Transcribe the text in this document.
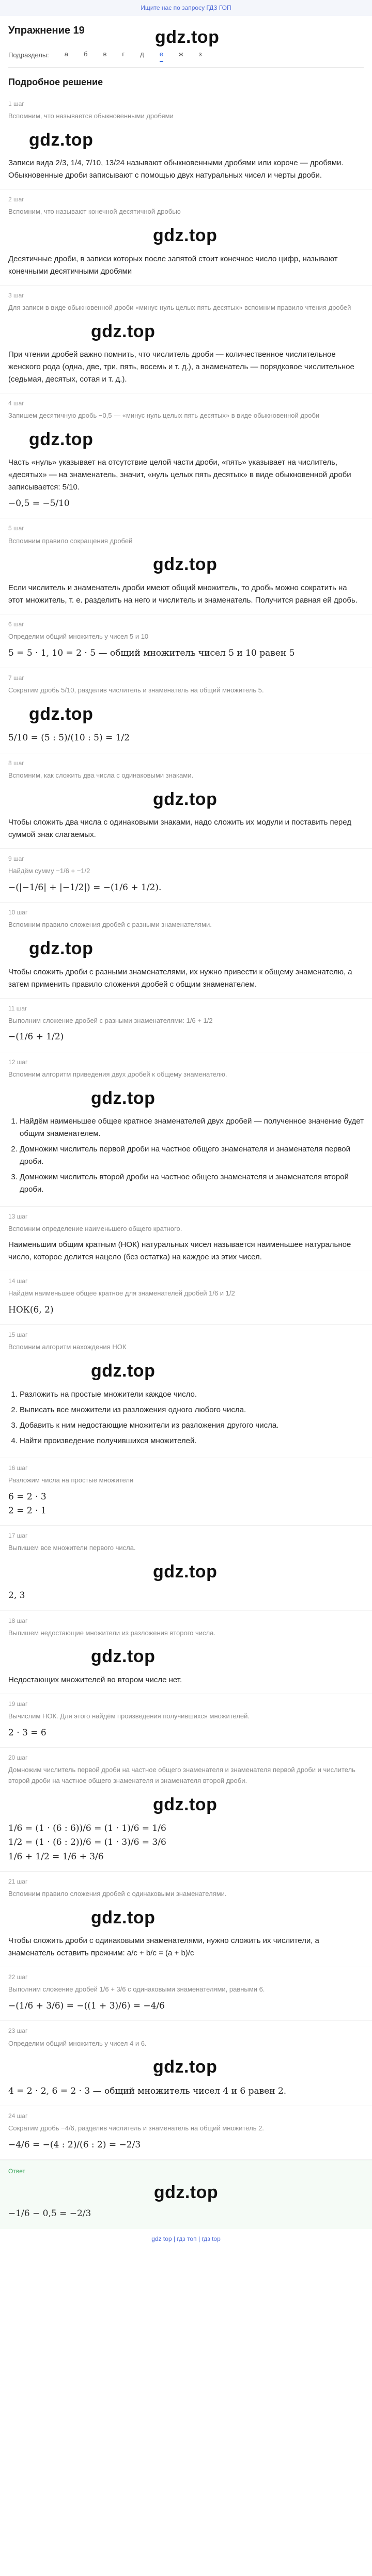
Ищите нас по запросу ГДЗ ГОП
Упражнение 19	gdz.top
Подразделы: а б в г д е ж з
Подробное решение
1 шаг
Вспомним, что называется обыкновенными дробями
gdz.top
Записи вида 2/3, 1/4, 7/10, 13/24 называют обыкновенными дробями или короче — дробями. Обыкновенные дроби записывают с помощью двух натуральных чисел и черты дроби.
2 шаг
Вспомним, что называют конечной десятичной дробью
gdz.top
Десятичные дроби, в записи которых после запятой стоит конечное число цифр, называют конечными десятичными дробями
3 шаг
Для записи в виде обыкновенной дроби «минус нуль целых пять десятых» вспомним правило чтения дробей
gdz.top
При чтении дробей важно помнить, что числитель дроби — количественное числительное женского рода (одна, две, три, пять, восемь и т. д.), а знаменатель — порядковое числительное (седьмая, десятых, сотая и т. д.).
4 шаг
Запишем десятичную дробь −0,5 — «минус нуль целых пять десятых» в виде обыкновенной дроби
gdz.top
Часть «нуль» указывает на отсутствие целой части дроби, «пять» указывает на числитель, «десятых» — на знаменатель, значит, «нуль целых пять десятых» в виде обыкновенной дроби записывается: 5/10.
−0,5 = −5/10
5 шаг
Вспомним правило сокращения дробей
gdz.top
Если числитель и знаменатель дроби имеют общий множитель, то дробь можно сократить на этот множитель, т. е. разделить на него и числитель и знаменатель. Получится равная ей дробь.
6 шаг
Определим общий множитель у чисел 5 и 10
5 = 5 · 1, 10 = 2 · 5 — общий множитель чисел 5 и 10 равен 5
7 шаг
Сократим дробь 5/10, разделив числитель и знаменатель на общий множитель 5.
gdz.top
5/10 = (5 : 5)/(10 : 5) = 1/2
8 шаг
Вспомним, как сложить два числа с одинаковыми знаками.
gdz.top
Чтобы сложить два числа с одинаковыми знаками, надо сложить их модули и поставить перед суммой знак слагаемых.
9 шаг
Найдём сумму −1/6 + −1/2
−(|−1/6| + |−1/2|) = −(1/6 + 1/2).
10 шаг
Вспомним правило сложения дробей с разными знаменателями.
gdz.top
Чтобы сложить дроби с разными знаменателями, их нужно привести к общему знаменателю, а затем применить правило сложения дробей с общим знаменателем.
11 шаг
Выполним сложение дробей с разными знаменателями: 1/6 + 1/2
−(1/6 + 1/2)
12 шаг
Вспомним алгоритм приведения двух дробей к общему знаменателю.
gdz.top
1. Найдём наименьшее общее кратное знаменателей двух дробей — полученное значение будет общим знаменателем.
2. Домножим числитель первой дроби на частное общего знаменателя и знаменателя первой дроби.
3. Домножим числитель второй дроби на частное общего знаменателя и знаменателя второй дроби.
13 шаг
Вспомним определение наименьшего общего кратного.
Наименьшим общим кратным (НОК) натуральных чисел называется наименьшее натуральное число, которое делится нацело (без остатка) на каждое из этих чисел.
14 шаг
Найдём наименьшее общее кратное для знаменателей дробей 1/6 и 1/2
НОК(6, 2)
15 шаг
Вспомним алгоритм нахождения НОК
gdz.top
1. Разложить на простые множители каждое число.
2. Выписать все множители из разложения одного любого числа.
3. Добавить к ним недостающие множители из разложения другого числа.
4. Найти произведение получившихся множителей.
16 шаг
Разложим числа на простые множители
6 = 2 · 3
2 = 2 · 1
17 шаг
Выпишем все множители первого числа.
gdz.top
2, 3
18 шаг
Выпишем недостающие множители из разложения второго числа.
gdz.top
Недостающих множителей во втором числе нет.
19 шаг
Вычислим НОК. Для этого найдём произведения получившихся множителей.
2 · 3 = 6
20 шаг
Домножим числитель первой дроби на частное общего знаменателя и знаменателя первой дроби и числитель второй дроби на частное общего знаменателя и знаменателя второй дроби.
gdz.top
1/6 = (1 · (6 : 6))/6 = (1 · 1)/6 = 1/6
1/2 = (1 · (6 : 2))/6 = (1 · 3)/6 = 3/6
1/6 + 1/2 = 1/6 + 3/6
21 шаг
Вспомним правило сложения дробей с одинаковыми знаменателями.
gdz.top
Чтобы сложить дроби с одинаковыми знаменателями, нужно сложить их числители, а знаменатель оставить прежним: a/c + b/c = (a + b)/c
22 шаг
Выполним сложение дробей 1/6 + 3/6 с одинаковыми знаменателями, равными 6.
−(1/6 + 3/6) = −((1 + 3)/6) = −4/6
23 шаг
Определим общий множитель у чисел 4 и 6.
gdz.top
4 = 2 · 2, 6 = 2 · 3 — общий множитель чисел 4 и 6 равен 2.
24 шаг
Сократим дробь −4/6, разделив числитель и знаменатель на общий множитель 2.
−4/6 = −(4 : 2)/(6 : 2) = −2/3
Ответ
gdz.top
−1/6 − 0,5 = −2/3
gdz top | гдз топ | гдз top
